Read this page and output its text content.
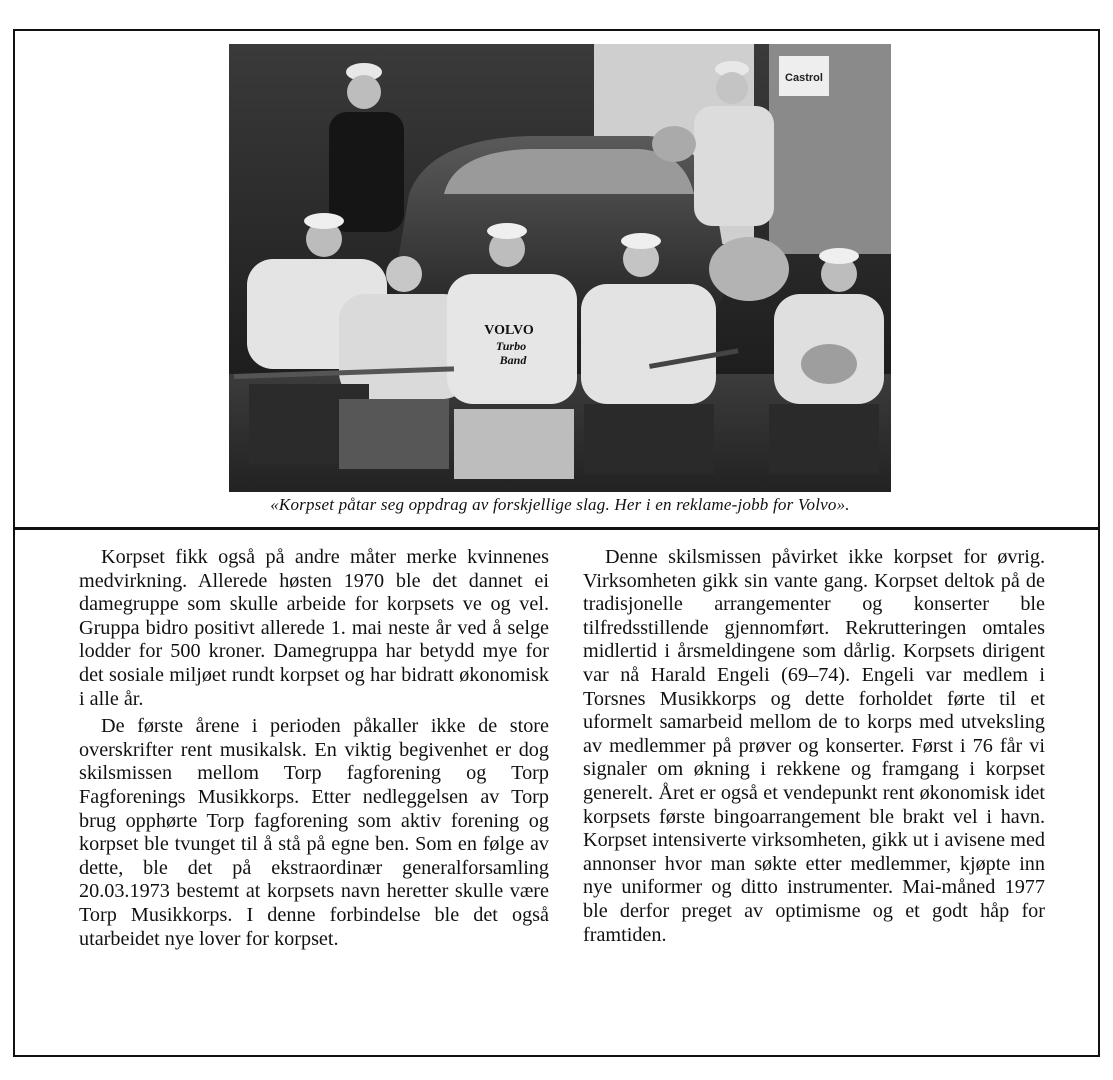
Castrol
VOLVO
Turbo
Band
«Korpset påtar seg oppdrag av forskjellige slag. Her i en reklame-jobb for Volvo».

Korpset fikk også på andre måter merke kvinnenes medvirkning. Allerede høsten 1970 ble det dannet ei damegruppe som skulle arbeide for korpsets ve og vel. Gruppa bidro positivt allerede 1. mai neste år ved å selge lodder for 500 kroner. Damegruppa har betydd mye for det sosiale miljøet rundt korpset og har bidratt økonomisk i alle år.

De første årene i perioden påkaller ikke de store overskrifter rent musikalsk. En viktig begivenhet er dog skilsmissen mellom Torp fagforening og Torp Fagforenings Musikkorps. Etter nedleggelsen av Torp brug opphørte Torp fagforening som aktiv forening og korpset ble tvunget til å stå på egne ben. Som en følge av dette, ble det på ekstraordinær generalforsamling 20.03.1973 bestemt at korpsets navn heretter skulle være Torp Musikkorps. I denne forbindelse ble det også utarbeidet nye lover for korpset.

Denne skilsmissen påvirket ikke korpset for øvrig. Virksomheten gikk sin vante gang. Korpset deltok på de tradisjonelle arrangementer og konserter ble tilfredsstillende gjennomført. Rekrutteringen omtales midlertid i årsmeldingene som dårlig. Korpsets dirigent var nå Harald Engeli (69–74). Engeli var medlem i Torsnes Musikkorps og dette forholdet førte til et uformelt samarbeid mellom de to korps med utveksling av medlemmer på prøver og konserter. Først i 76 får vi signaler om økning i rekkene og framgang i korpset generelt. Året er også et vendepunkt rent økonomisk idet korpsets første bingoarrangement ble brakt vel i havn. Korpset intensiverte virksomheten, gikk ut i avisene med annonser hvor man søkte etter medlemmer, kjøpte inn nye uniformer og ditto instrumenter. Mai-måned 1977 ble derfor preget av optimisme og et godt håp for framtiden.
